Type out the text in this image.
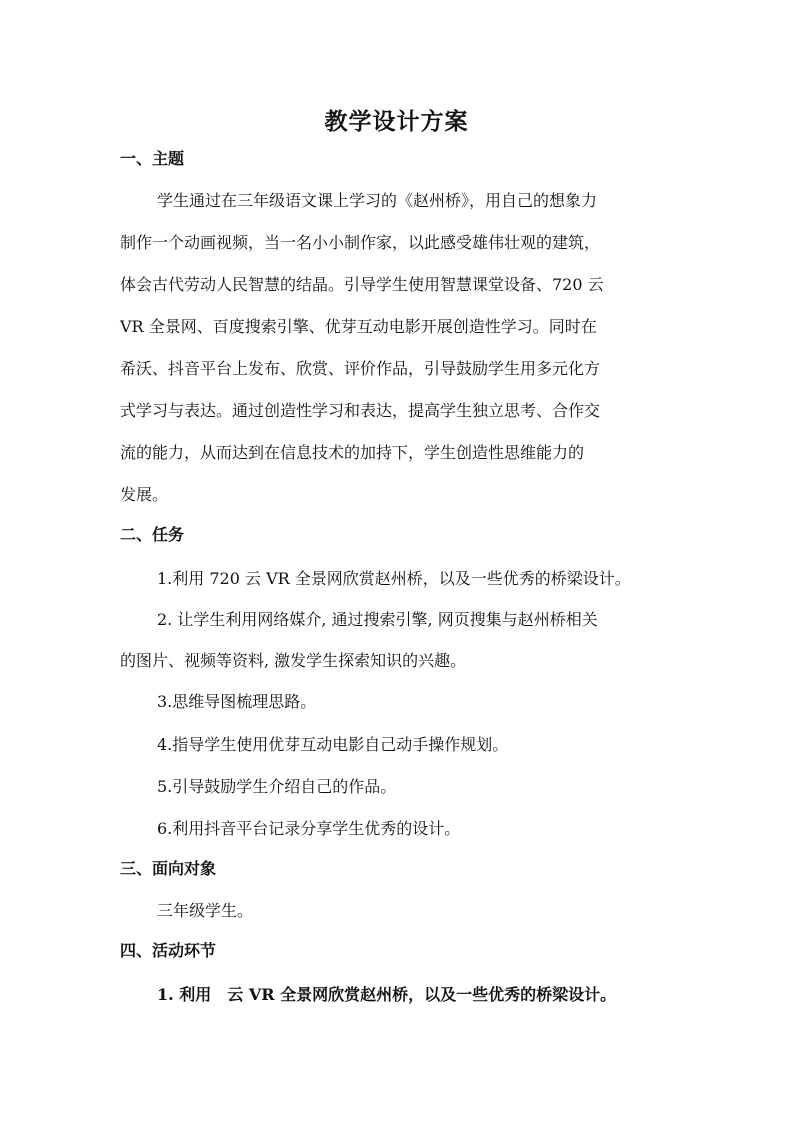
教学设计方案
一、主题
学生通过在三年级语文课上学习的《赵州桥》，用自己的想象力
制作一个动画视频，当一名小小制作家，以此感受雄伟壮观的建筑，
体会古代劳动人民智慧的结晶。引导学生使用智慧课堂设备、720 云
VR 全景网、百度搜索引擎、优芽互动电影开展创造性学习。同时在
希沃、抖音平台上发布、欣赏、评价作品，引导鼓励学生用多元化方
式学习与表达。通过创造性学习和表达，提高学生独立思考、合作交
流的能力，从而达到在信息技术的加持下，学生创造性思维能力的
发展。
二、任务
1.利用 720 云 VR 全景网欣赏赵州桥，以及一些优秀的桥梁设计。
2. 让学生利用网络媒介, 通过搜索引擎, 网页搜集与赵州桥相关
的图片、视频等资料, 激发学生探索知识的兴趣。
3.思维导图梳理思路。
4.指导学生使用优芽互动电影自己动手操作规划。
5.引导鼓励学生介绍自己的作品。
6.利用抖音平台记录分享学生优秀的设计。
三、面向对象
三年级学生。
四、活动环节
1. 利用　云 VR 全景网欣赏赵州桥，以及一些优秀的桥梁设计。
